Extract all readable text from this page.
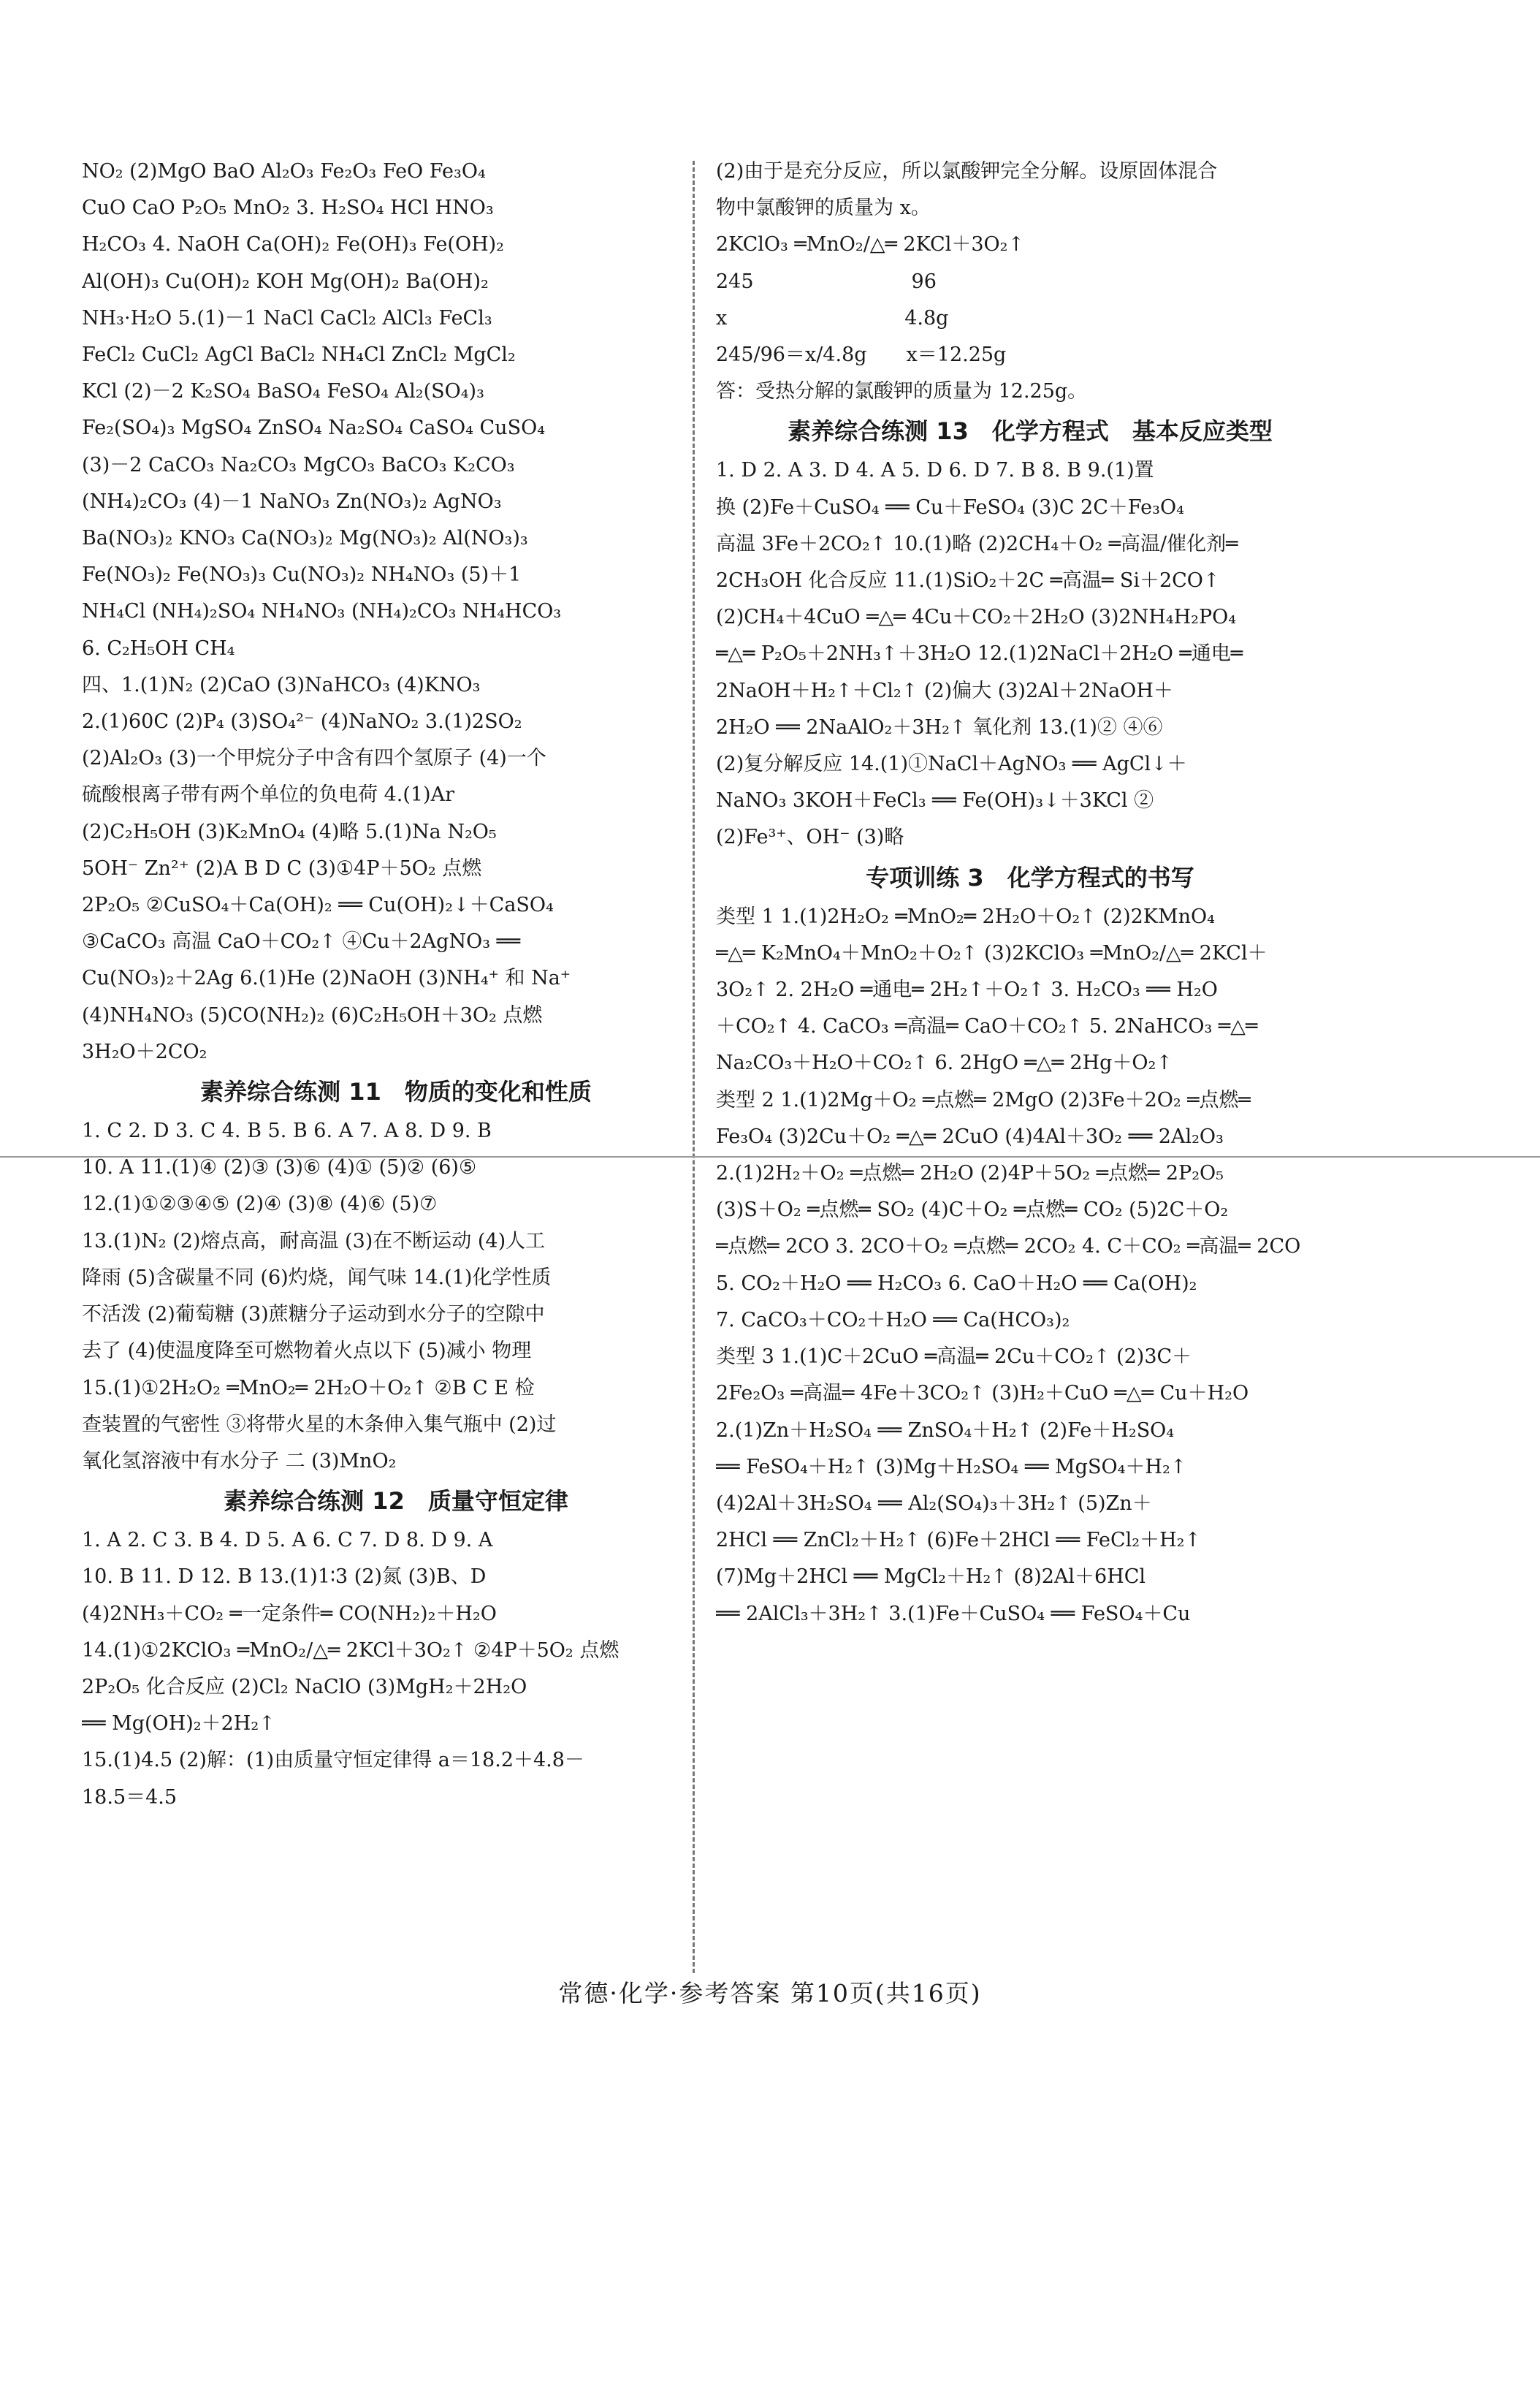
NO₂ (2)MgO BaO Al₂O₃ Fe₂O₃ FeO Fe₃O₄
CuO CaO P₂O₅ MnO₂ 3. H₂SO₄ HCl HNO₃
H₂CO₃ 4. NaOH Ca(OH)₂ Fe(OH)₃ Fe(OH)₂
Al(OH)₃ Cu(OH)₂ KOH Mg(OH)₂ Ba(OH)₂
NH₃·H₂O 5.(1)－1 NaCl CaCl₂ AlCl₃ FeCl₃
FeCl₂ CuCl₂ AgCl BaCl₂ NH₄Cl ZnCl₂ MgCl₂
KCl (2)－2 K₂SO₄ BaSO₄ FeSO₄ Al₂(SO₄)₃
Fe₂(SO₄)₃ MgSO₄ ZnSO₄ Na₂SO₄ CaSO₄ CuSO₄
(3)－2 CaCO₃ Na₂CO₃ MgCO₃ BaCO₃ K₂CO₃
(NH₄)₂CO₃ (4)－1 NaNO₃ Zn(NO₃)₂ AgNO₃
Ba(NO₃)₂ KNO₃ Ca(NO₃)₂ Mg(NO₃)₂ Al(NO₃)₃
Fe(NO₃)₂ Fe(NO₃)₃ Cu(NO₃)₂ NH₄NO₃ (5)＋1
NH₄Cl (NH₄)₂SO₄ NH₄NO₃ (NH₄)₂CO₃ NH₄HCO₃
6. C₂H₅OH CH₄
四、1.(1)N₂ (2)CaO (3)NaHCO₃ (4)KNO₃
2.(1)60C (2)P₄ (3)SO₄²⁻ (4)NaNO₂ 3.(1)2SO₂
(2)Al₂O₃ (3)一个甲烷分子中含有四个氢原子 (4)一个
硫酸根离子带有两个单位的负电荷 4.(1)Ar
(2)C₂H₅OH (3)K₂MnO₄ (4)略 5.(1)Na N₂O₅
5OH⁻ Zn²⁺ (2)A B D C (3)①4P＋5O₂ 点燃
2P₂O₅ ②CuSO₄＋Ca(OH)₂ ══ Cu(OH)₂↓＋CaSO₄
③CaCO₃ 高温 CaO＋CO₂↑ ④Cu＋2AgNO₃ ══
Cu(NO₃)₂＋2Ag 6.(1)He (2)NaOH (3)NH₄⁺ 和 Na⁺
(4)NH₄NO₃ (5)CO(NH₂)₂ (6)C₂H₅OH＋3O₂ 点燃
3H₂O＋2CO₂
素养综合练测 11　物质的变化和性质
1. C 2. D 3. C 4. B 5. B 6. A 7. A 8. D 9. B
10. A 11.(1)④ (2)③ (3)⑥ (4)① (5)② (6)⑤
12.(1)①②③④⑤ (2)④ (3)⑧ (4)⑥ (5)⑦
13.(1)N₂ (2)熔点高，耐高温 (3)在不断运动 (4)人工
降雨 (5)含碳量不同 (6)灼烧，闻气味 14.(1)化学性质
不活泼 (2)葡萄糖 (3)蔗糖分子运动到水分子的空隙中
去了 (4)使温度降至可燃物着火点以下 (5)减小 物理
15.(1)①2H₂O₂ ═MnO₂═ 2H₂O＋O₂↑ ②B C E 检
查装置的气密性 ③将带火星的木条伸入集气瓶中 (2)过
氧化氢溶液中有水分子 二 (3)MnO₂
素养综合练测 12　质量守恒定律
1. A 2. C 3. B 4. D 5. A 6. C 7. D 8. D 9. A
10. B 11. D 12. B 13.(1)1∶3 (2)氮 (3)B、D
(4)2NH₃＋CO₂ ═一定条件═ CO(NH₂)₂＋H₂O
14.(1)①2KClO₃ ═MnO₂/△═ 2KCl＋3O₂↑ ②4P＋5O₂ 点燃
2P₂O₅ 化合反应 (2)Cl₂ NaClO (3)MgH₂＋2H₂O
══ Mg(OH)₂＋2H₂↑
15.(1)4.5 (2)解：(1)由质量守恒定律得 a＝18.2＋4.8－
18.5＝4.5
(2)由于是充分反应，所以氯酸钾完全分解。设原固体混合
物中氯酸钾的质量为 x。
2KClO₃ ═MnO₂/△═ 2KCl＋3O₂↑
245　　　　　　　　96
x　　　　　　　　　4.8g
245/96＝x/4.8g　　x＝12.25g
答：受热分解的氯酸钾的质量为 12.25g。
素养综合练测 13　化学方程式　基本反应类型
1. D 2. A 3. D 4. A 5. D 6. D 7. B 8. B 9.(1)置
换 (2)Fe＋CuSO₄ ══ Cu＋FeSO₄ (3)C 2C＋Fe₃O₄
高温 3Fe＋2CO₂↑ 10.(1)略 (2)2CH₄＋O₂ ═高温/催化剂═
2CH₃OH 化合反应 11.(1)SiO₂＋2C ═高温═ Si＋2CO↑
(2)CH₄＋4CuO ═△═ 4Cu＋CO₂＋2H₂O (3)2NH₄H₂PO₄
═△═ P₂O₅＋2NH₃↑＋3H₂O 12.(1)2NaCl＋2H₂O ═通电═
2NaOH＋H₂↑＋Cl₂↑ (2)偏大 (3)2Al＋2NaOH＋
2H₂O ══ 2NaAlO₂＋3H₂↑ 氧化剂 13.(1)② ④⑥
(2)复分解反应 14.(1)①NaCl＋AgNO₃ ══ AgCl↓＋
NaNO₃ 3KOH＋FeCl₃ ══ Fe(OH)₃↓＋3KCl ②
(2)Fe³⁺、OH⁻ (3)略
专项训练 3　化学方程式的书写
类型 1 1.(1)2H₂O₂ ═MnO₂═ 2H₂O＋O₂↑ (2)2KMnO₄
═△═ K₂MnO₄＋MnO₂＋O₂↑ (3)2KClO₃ ═MnO₂/△═ 2KCl＋
3O₂↑ 2. 2H₂O ═通电═ 2H₂↑＋O₂↑ 3. H₂CO₃ ══ H₂O
＋CO₂↑ 4. CaCO₃ ═高温═ CaO＋CO₂↑ 5. 2NaHCO₃ ═△═
Na₂CO₃＋H₂O＋CO₂↑ 6. 2HgO ═△═ 2Hg＋O₂↑
类型 2 1.(1)2Mg＋O₂ ═点燃═ 2MgO (2)3Fe＋2O₂ ═点燃═
Fe₃O₄ (3)2Cu＋O₂ ═△═ 2CuO (4)4Al＋3O₂ ══ 2Al₂O₃
2.(1)2H₂＋O₂ ═点燃═ 2H₂O (2)4P＋5O₂ ═点燃═ 2P₂O₅
(3)S＋O₂ ═点燃═ SO₂ (4)C＋O₂ ═点燃═ CO₂ (5)2C＋O₂
═点燃═ 2CO 3. 2CO＋O₂ ═点燃═ 2CO₂ 4. C＋CO₂ ═高温═ 2CO
5. CO₂＋H₂O ══ H₂CO₃ 6. CaO＋H₂O ══ Ca(OH)₂
7. CaCO₃＋CO₂＋H₂O ══ Ca(HCO₃)₂
类型 3 1.(1)C＋2CuO ═高温═ 2Cu＋CO₂↑ (2)3C＋
2Fe₂O₃ ═高温═ 4Fe＋3CO₂↑ (3)H₂＋CuO ═△═ Cu＋H₂O
2.(1)Zn＋H₂SO₄ ══ ZnSO₄＋H₂↑ (2)Fe＋H₂SO₄
══ FeSO₄＋H₂↑ (3)Mg＋H₂SO₄ ══ MgSO₄＋H₂↑
(4)2Al＋3H₂SO₄ ══ Al₂(SO₄)₃＋3H₂↑ (5)Zn＋
2HCl ══ ZnCl₂＋H₂↑ (6)Fe＋2HCl ══ FeCl₂＋H₂↑
(7)Mg＋2HCl ══ MgCl₂＋H₂↑ (8)2Al＋6HCl
══ 2AlCl₃＋3H₂↑ 3.(1)Fe＋CuSO₄ ══ FeSO₄＋Cu
常德·化学·参考答案 第10页(共16页)
